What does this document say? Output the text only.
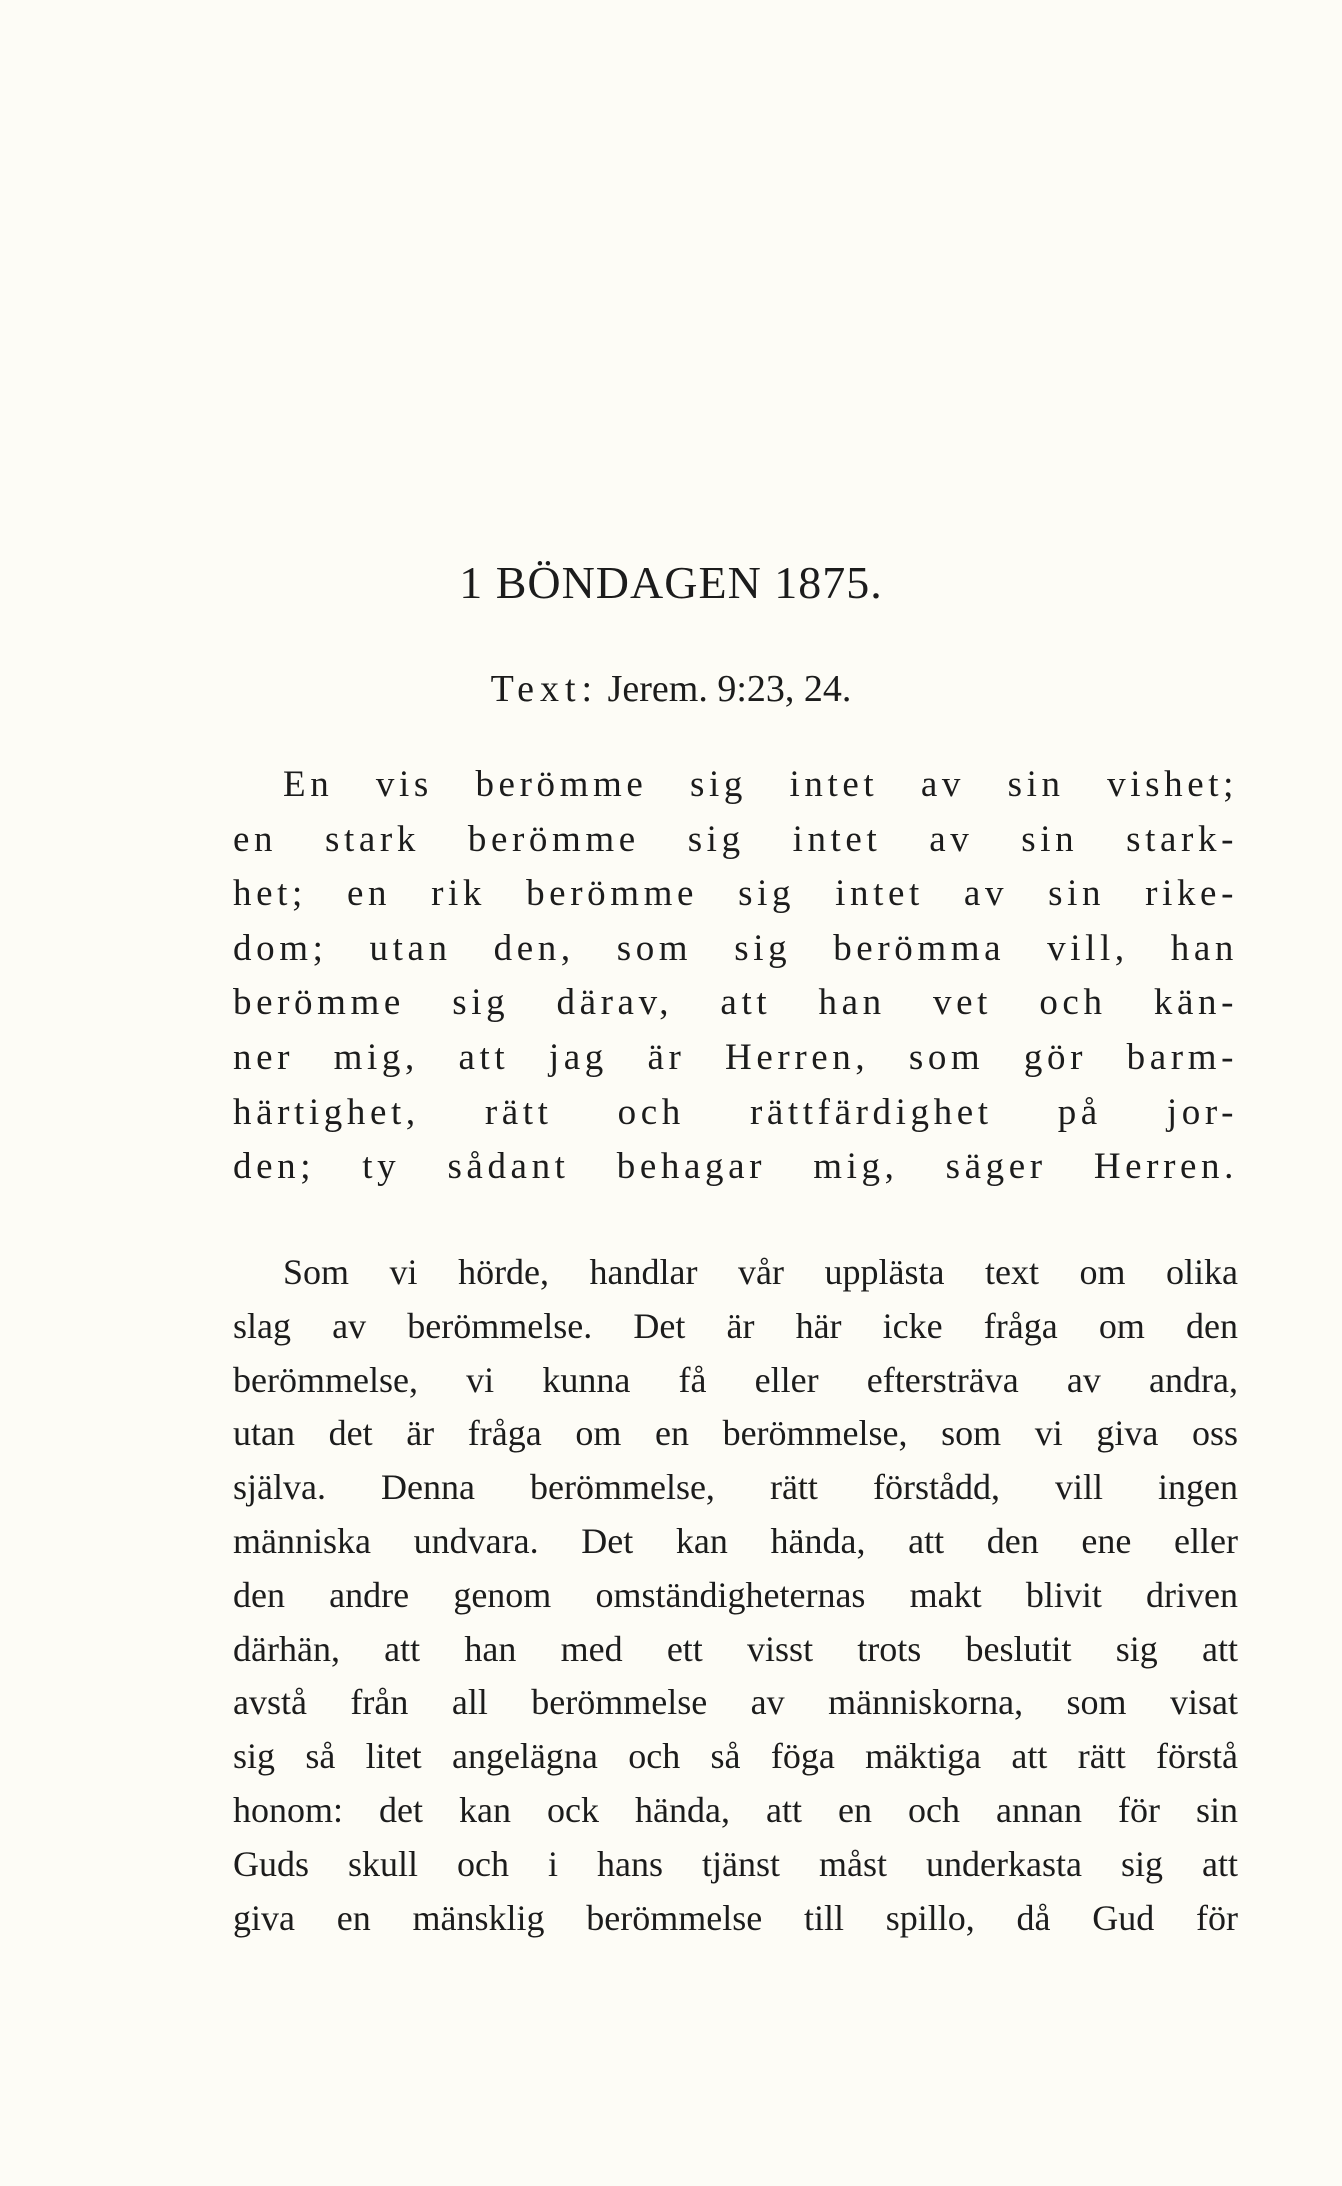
1 BÖNDAGEN 1875.
Text: Jerem. 9:23, 24.
En vis berömme sig intet av sin vishet;
en stark berömme sig intet av sin stark-
het; en rik berömme sig intet av sin rike-
dom; utan den, som sig berömma vill, han
berömme sig därav, att han vet och kän-
ner mig, att jag är Herren, som gör barm-
härtighet, rätt och rättfärdighet på jor-
den; ty sådant behagar mig, säger Herren.
Som vi hörde, handlar vår upplästa text om olika
slag av berömmelse. Det är här icke fråga om den
berömmelse, vi kunna få eller eftersträva av andra,
utan det är fråga om en berömmelse, som vi giva oss
själva. Denna berömmelse, rätt förstådd, vill ingen
människa undvara. Det kan hända, att den ene eller
den andre genom omständigheternas makt blivit driven
därhän, att han med ett visst trots beslutit sig att
avstå från all berömmelse av människorna, som visat
sig så litet angelägna och så föga mäktiga att rätt förstå
honom: det kan ock hända, att en och annan för sin
Guds skull och i hans tjänst måst underkasta sig att
giva en mänsklig berömmelse till spillo, då Gud för
